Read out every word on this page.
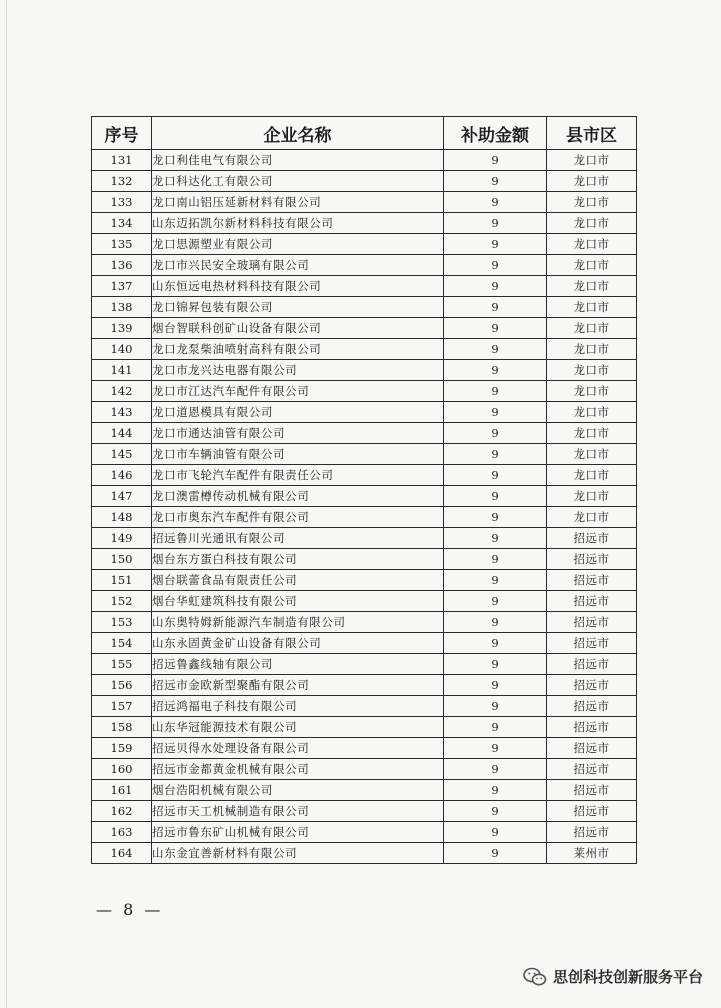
序号	企业名称	补助金额	县市区
131	龙口利佳电气有限公司	9	龙口市
132	龙口科达化工有限公司	9	龙口市
133	龙口南山铝压延新材料有限公司	9	龙口市
134	山东迈拓凯尔新材料科技有限公司	9	龙口市
135	龙口思源塑业有限公司	9	龙口市
136	龙口市兴民安全玻璃有限公司	9	龙口市
137	山东恒远电热材料科技有限公司	9	龙口市
138	龙口锦昇包装有限公司	9	龙口市
139	烟台智联科创矿山设备有限公司	9	龙口市
140	龙口龙泵柴油喷射高科有限公司	9	龙口市
141	龙口市龙兴达电器有限公司	9	龙口市
142	龙口市江达汽车配件有限公司	9	龙口市
143	龙口道恩模具有限公司	9	龙口市
144	龙口市通达油管有限公司	9	龙口市
145	龙口市车辆油管有限公司	9	龙口市
146	龙口市飞轮汽车配件有限责任公司	9	龙口市
147	龙口澳雷樽传动机械有限公司	9	龙口市
148	龙口市奥东汽车配件有限公司	9	龙口市
149	招远鲁川光通讯有限公司	9	招远市
150	烟台东方蛋白科技有限公司	9	招远市
151	烟台联蕾食品有限责任公司	9	招远市
152	烟台华虹建筑科技有限公司	9	招远市
153	山东奥特姆新能源汽车制造有限公司	9	招远市
154	山东永固黄金矿山设备有限公司	9	招远市
155	招远鲁鑫线轴有限公司	9	招远市
156	招远市金欧新型聚酯有限公司	9	招远市
157	招远鸿福电子科技有限公司	9	招远市
158	山东华冠能源技术有限公司	9	招远市
159	招远贝得水处理设备有限公司	9	招远市
160	招远市金都黄金机械有限公司	9	招远市
161	烟台浩阳机械有限公司	9	招远市
162	招远市天工机械制造有限公司	9	招远市
163	招远市鲁东矿山机械有限公司	9	招远市
164	山东金宜善新材料有限公司	9	莱州市
— 8 —
思创科技创新服务平台
